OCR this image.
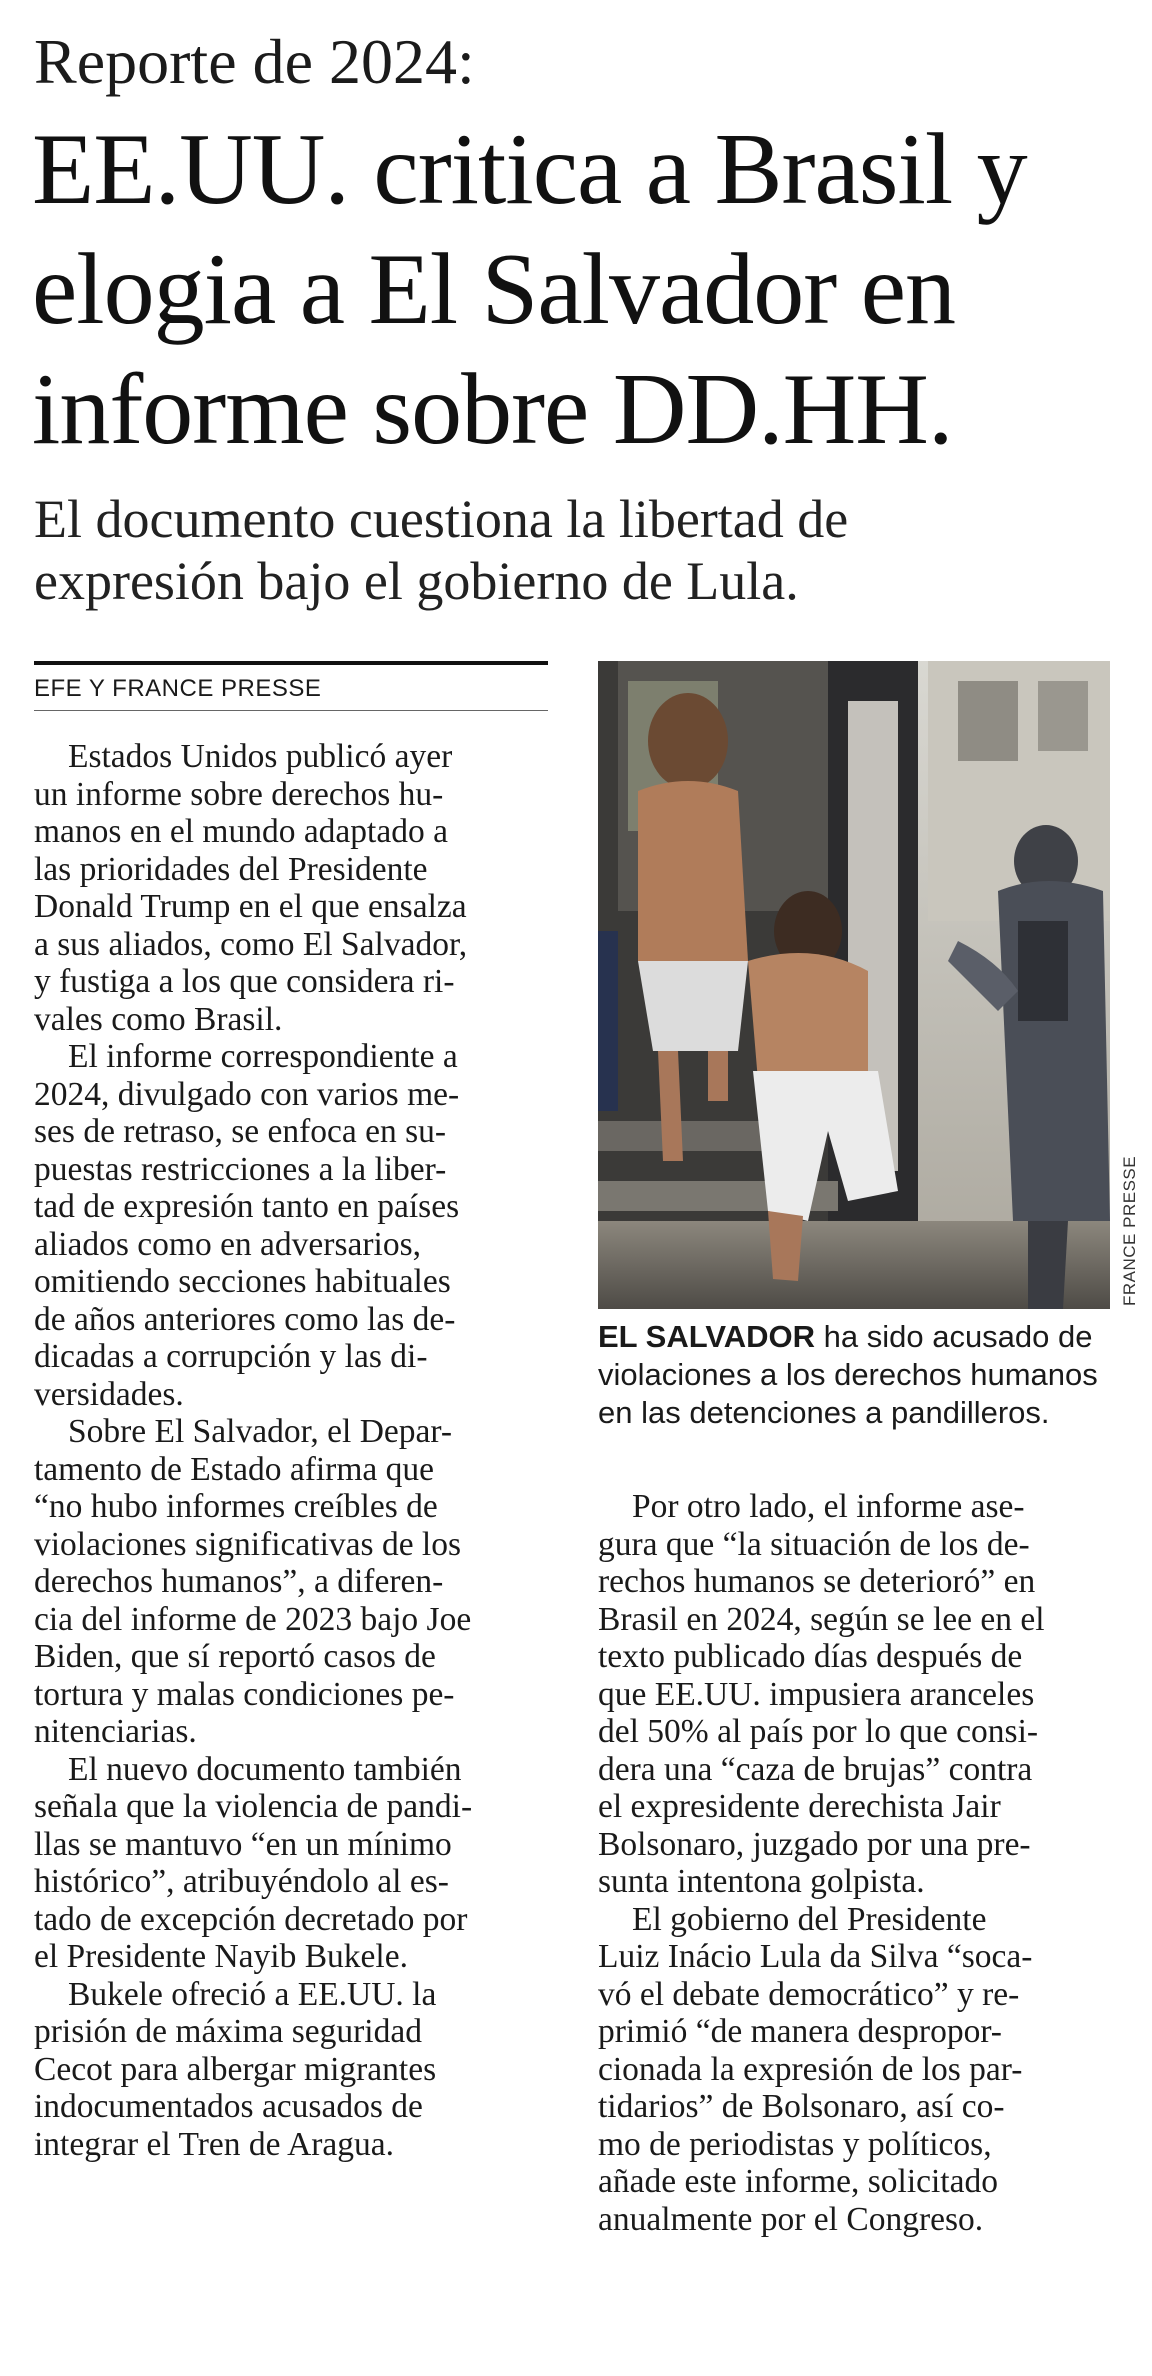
Reporte de 2024:
EE.UU. critica a Brasil y
elogia a El Salvador en
informe sobre DD.HH.
El documento cuestiona la libertad de
expresión bajo el gobierno de Lula.
EFE Y FRANCE PRESSE
Estados Unidos publicó ayer
un informe sobre derechos hu-
manos en el mundo adaptado a
las prioridades del Presidente
Donald Trump en el que ensalza
a sus aliados, como El Salvador,
y fustiga a los que considera ri-
vales como Brasil.
El informe correspondiente a
2024, divulgado con varios me-
ses de retraso, se enfoca en su-
puestas restricciones a la liber-
tad de expresión tanto en países
aliados como en adversarios,
omitiendo secciones habituales
de años anteriores como las de-
dicadas a corrupción y las di-
versidades.
Sobre El Salvador, el Depar-
tamento de Estado afirma que
“no hubo informes creíbles de
violaciones significativas de los
derechos humanos”, a diferen-
cia del informe de 2023 bajo Joe
Biden, que sí reportó casos de
tortura y malas condiciones pe-
nitenciarias.
El nuevo documento también
señala que la violencia de pandi-
llas se mantuvo “en un mínimo
histórico”, atribuyéndolo al es-
tado de excepción decretado por
el Presidente Nayib Bukele.
Bukele ofreció a EE.UU. la
prisión de máxima seguridad
Cecot para albergar migrantes
indocumentados acusados de
integrar el Tren de Aragua.
FRANCE PRESSE
EL SALVADOR ha sido acusado de
violaciones a los derechos humanos
en las detenciones a pandilleros.
Por otro lado, el informe ase-
gura que “la situación de los de-
rechos humanos se deterioró” en
Brasil en 2024, según se lee en el
texto publicado días después de
que EE.UU. impusiera aranceles
del 50% al país por lo que consi-
dera una “caza de brujas” contra
el expresidente derechista Jair
Bolsonaro, juzgado por una pre-
sunta intentona golpista.
El gobierno del Presidente
Luiz Inácio Lula da Silva “soca-
vó el debate democrático” y re-
primió “de manera despropor-
cionada la expresión de los par-
tidarios” de Bolsonaro, así co-
mo de periodistas y políticos,
añade este informe, solicitado
anualmente por el Congreso.
